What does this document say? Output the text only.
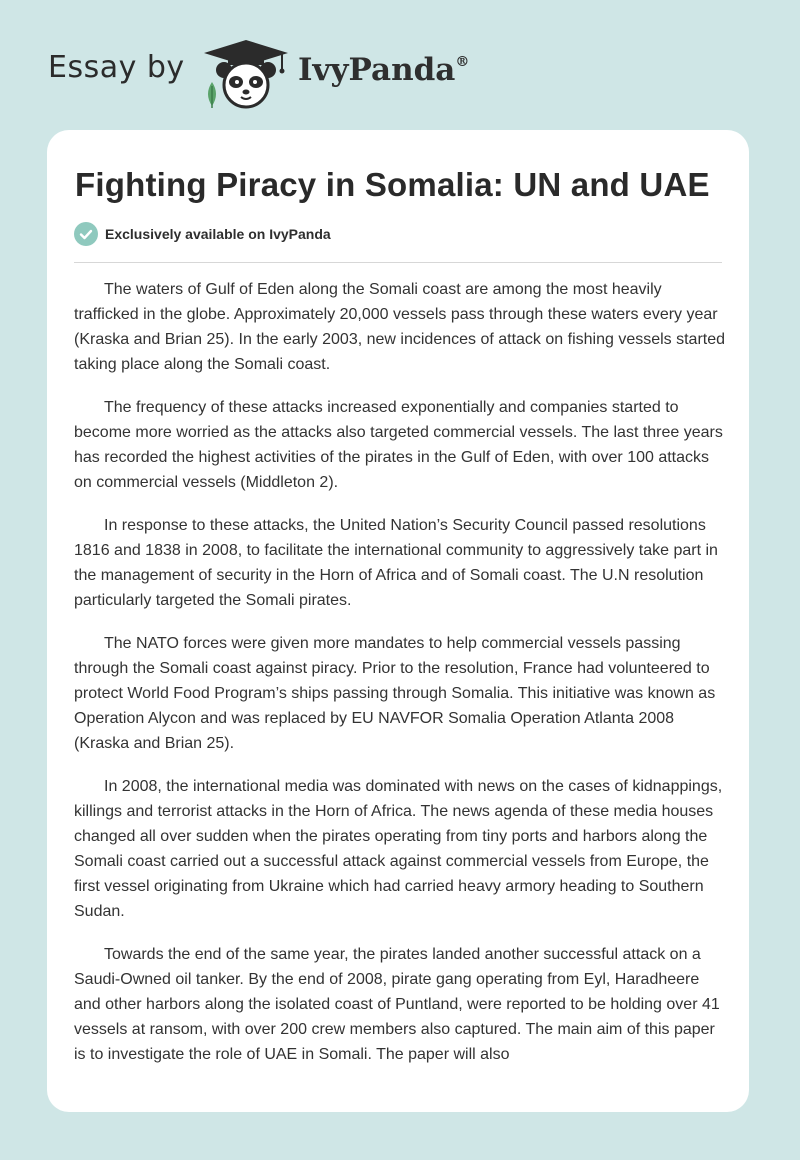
Essay by	IvyPanda®
Fighting Piracy in Somalia: UN and UAE
Exclusively available on IvyPanda

The waters of Gulf of Eden along the Somali coast are among the most heavily trafficked in the globe. Approximately 20,000 vessels pass through these waters every year (Kraska and Brian 25). In the early 2003, new incidences of attack on fishing vessels started taking place along the Somali coast.

The frequency of these attacks increased exponentially and companies started to become more worried as the attacks also targeted commercial vessels. The last three years has recorded the highest activities of the pirates in the Gulf of Eden, with over 100 attacks on commercial vessels (Middleton 2).

In response to these attacks, the United Nation’s Security Council passed resolutions 1816 and 1838 in 2008, to facilitate the international community to aggressively take part in the management of security in the Horn of Africa and of Somali coast. The U.N resolution particularly targeted the Somali pirates.

The NATO forces were given more mandates to help commercial vessels passing through the Somali coast against piracy. Prior to the resolution, France had volunteered to protect World Food Program’s ships passing through Somalia. This initiative was known as Operation Alycon and was replaced by EU NAVFOR Somalia Operation Atlanta 2008 (Kraska and Brian 25).

In 2008, the international media was dominated with news on the cases of kidnappings, killings and terrorist attacks in the Horn of Africa. The news agenda of these media houses changed all over sudden when the pirates operating from tiny ports and harbors along the Somali coast carried out a successful attack against commercial vessels from Europe, the first vessel originating from Ukraine which had carried heavy armory heading to Southern Sudan.

Towards the end of the same year, the pirates landed another successful attack on a Saudi-Owned oil tanker. By the end of 2008, pirate gang operating from Eyl, Haradheere and other harbors along the isolated coast of Puntland, were reported to be holding over 41 vessels at ransom, with over 200 crew members also captured. The main aim of this paper is to investigate the role of UAE in Somali. The paper will also
